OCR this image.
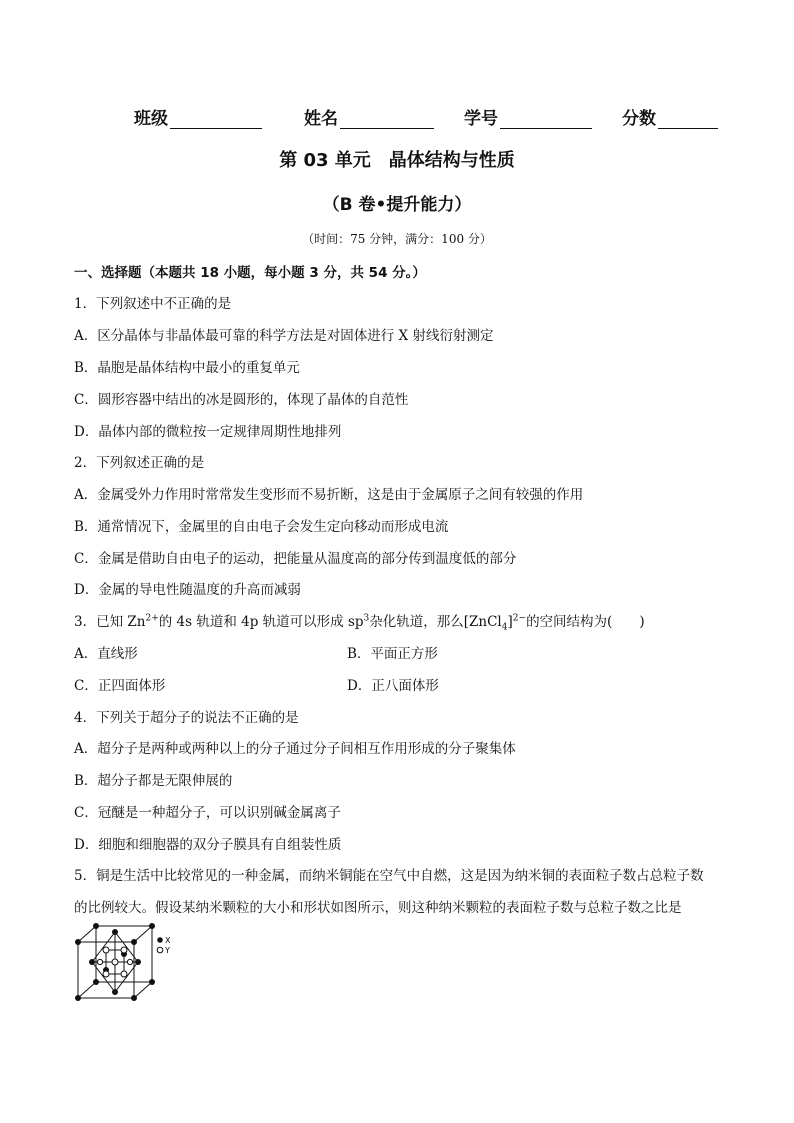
班级	姓名	学号	分数
第 03 单元　晶体结构与性质
（B 卷•提升能力）
（时间：75 分钟，满分：100 分）
一、选择题（本题共 18 小题，每小题 3 分，共 54 分。）
1．下列叙述中不正确的是
A．区分晶体与非晶体最可靠的科学方法是对固体进行 X 射线衍射测定
B．晶胞是晶体结构中最小的重复单元
C．圆形容器中结出的冰是圆形的，体现了晶体的自范性
D．晶体内部的微粒按一定规律周期性地排列
2．下列叙述正确的是
A．金属受外力作用时常常发生变形而不易折断，这是由于金属原子之间有较强的作用
B．通常情况下，金属里的自由电子会发生定向移动而形成电流
C．金属是借助自由电子的运动，把能量从温度高的部分传到温度低的部分
D．金属的导电性随温度的升高而减弱
3．已知 $Zn^{2+}$的 4s 轨道和 4p 轨道可以形成 $sp^3$杂化轨道，那么[ZnCl$_4$]$^{2-}$的空间结构为(　　)
A．直线形	B．平面正方形
C．正四面体形	D．正八面体形
4．下列关于超分子的说法不正确的是
A．超分子是两种或两种以上的分子通过分子间相互作用形成的分子聚集体
B．超分子都是无限伸展的
C．冠醚是一种超分子，可以识别碱金属离子
D．细胞和细胞器的双分子膜具有自组装性质
5．铜是生活中比较常见的一种金属，而纳米铜能在空气中自燃，这是因为纳米铜的表面粒子数占总粒子数
的比例较大。假设某纳米颗粒的大小和形状如图所示，则这种纳米颗粒的表面粒子数与总粒子数之比是
X
Y
